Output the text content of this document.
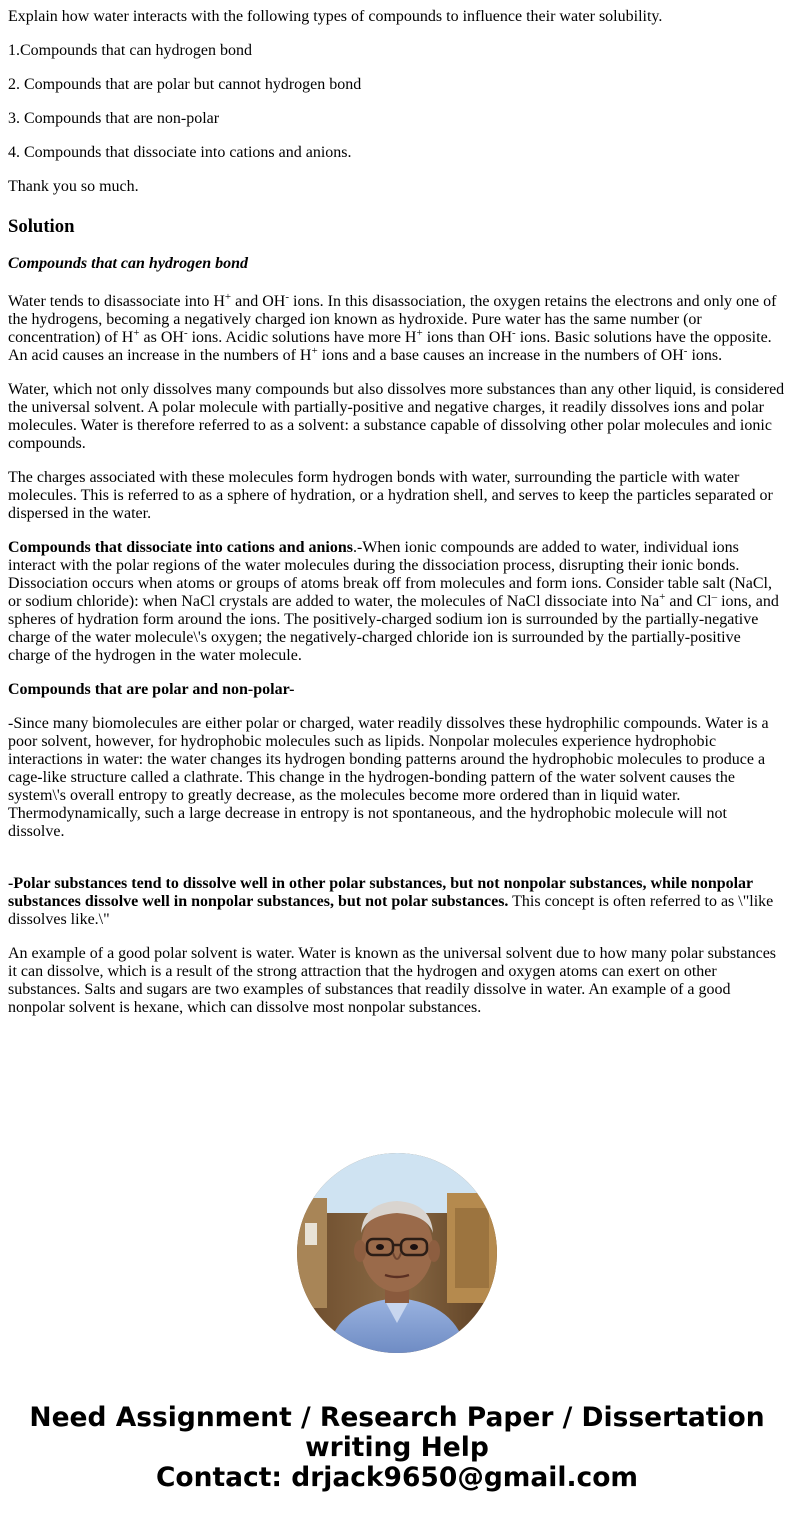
Explain how water interacts with the following types of compounds to influence their water solubility.

1.Compounds that can hydrogen bond

2. Compounds that are polar but cannot hydrogen bond

3. Compounds that are non-polar

4. Compounds that dissociate into cations and anions.

Thank you so much.

Solution

Compounds that can hydrogen bond

Water tends to disassociate into H+ and OH- ions. In this disassociation, the oxygen retains the electrons and only one of the hydrogens, becoming a negatively charged ion known as hydroxide. Pure water has the same number (or concentration) of H+ as OH- ions. Acidic solutions have more H+ ions than OH- ions. Basic solutions have the opposite. An acid causes an increase in the numbers of H+ ions and a base causes an increase in the numbers of OH- ions.

Water, which not only dissolves many compounds but also dissolves more substances than any other liquid, is considered the universal solvent. A polar molecule with partially-positive and negative charges, it readily dissolves ions and polar molecules. Water is therefore referred to as a solvent: a substance capable of dissolving other polar molecules and ionic compounds.

The charges associated with these molecules form hydrogen bonds with water, surrounding the particle with water molecules. This is referred to as a sphere of hydration, or a hydration shell, and serves to keep the particles separated or dispersed in the water.

Compounds that dissociate into cations and anions.-When ionic compounds are added to water, individual ions interact with the polar regions of the water molecules during the dissociation process, disrupting their ionic bonds. Dissociation occurs when atoms or groups of atoms break off from molecules and form ions. Consider table salt (NaCl, or sodium chloride): when NaCl crystals are added to water, the molecules of NaCl dissociate into Na+ and Cl– ions, and spheres of hydration form around the ions. The positively-charged sodium ion is surrounded by the partially-negative charge of the water molecule\'s oxygen; the negatively-charged chloride ion is surrounded by the partially-positive charge of the hydrogen in the water molecule.

Compounds that are polar and non-polar-

-Since many biomolecules are either polar or charged, water readily dissolves these hydrophilic compounds. Water is a poor solvent, however, for hydrophobic molecules such as lipids. Nonpolar molecules experience hydrophobic interactions in water: the water changes its hydrogen bonding patterns around the hydrophobic molecules to produce a cage-like structure called a clathrate. This change in the hydrogen-bonding pattern of the water solvent causes the system\'s overall entropy to greatly decrease, as the molecules become more ordered than in liquid water. Thermodynamically, such a large decrease in entropy is not spontaneous, and the hydrophobic molecule will not dissolve.

-Polar substances tend to dissolve well in other polar substances, but not nonpolar substances, while nonpolar substances dissolve well in nonpolar substances, but not polar substances. This concept is often referred to as \"like dissolves like.\"

An example of a good polar solvent is water. Water is known as the universal solvent due to how many polar substances it can dissolve, which is a result of the strong attraction that the hydrogen and oxygen atoms can exert on other substances. Salts and sugars are two examples of substances that readily dissolve in water. An example of a good nonpolar solvent is hexane, which can dissolve most nonpolar substances.

Need Assignment / Research Paper / Dissertation
writing Help
Contact: drjack9650@gmail.com
